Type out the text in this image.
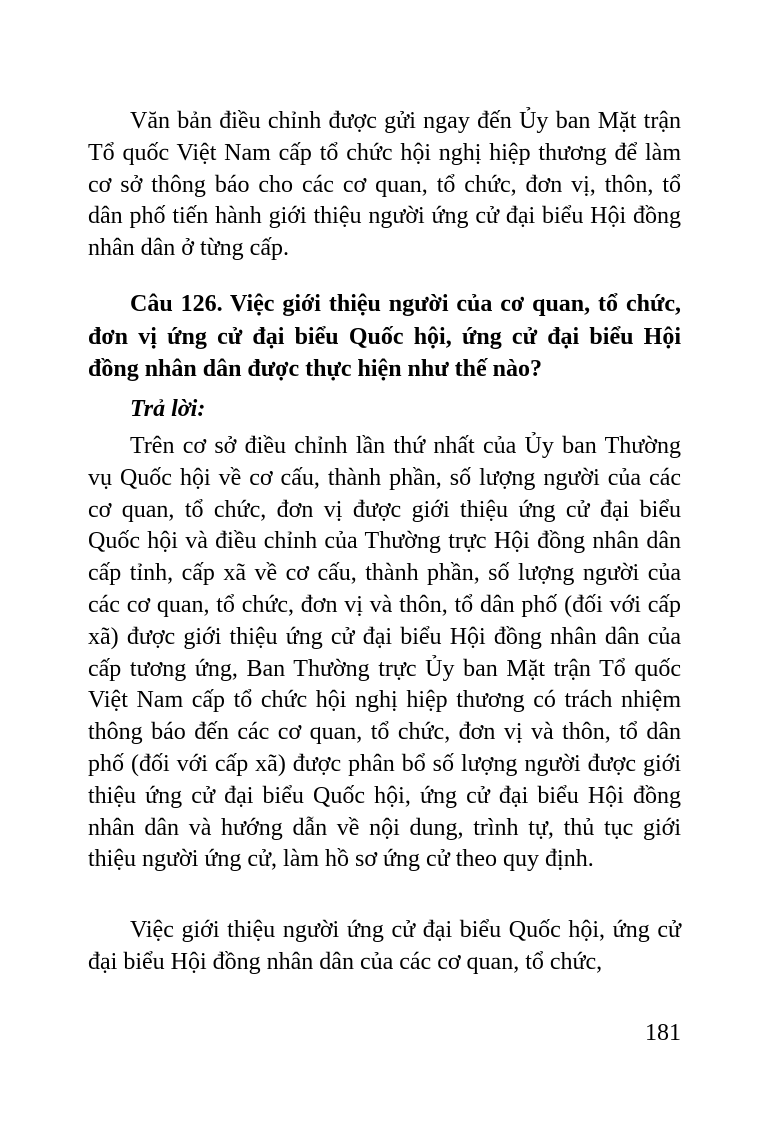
Văn bản điều chỉnh được gửi ngay đến Ủy ban Mặt trận Tổ quốc Việt Nam cấp tổ chức hội nghị hiệp thương để làm cơ sở thông báo cho các cơ quan, tổ chức, đơn vị, thôn, tổ dân phố tiến hành giới thiệu người ứng cử đại biểu Hội đồng nhân dân ở từng cấp.

Câu 126. Việc giới thiệu người của cơ quan, tổ chức, đơn vị ứng cử đại biểu Quốc hội, ứng cử đại biểu Hội đồng nhân dân được thực hiện như thế nào?

Trả lời:

Trên cơ sở điều chỉnh lần thứ nhất của Ủy ban Thường vụ Quốc hội về cơ cấu, thành phần, số lượng người của các cơ quan, tổ chức, đơn vị được giới thiệu ứng cử đại biểu Quốc hội và điều chỉnh của Thường trực Hội đồng nhân dân cấp tỉnh, cấp xã về cơ cấu, thành phần, số lượng người của các cơ quan, tổ chức, đơn vị và thôn, tổ dân phố (đối với cấp xã) được giới thiệu ứng cử đại biểu Hội đồng nhân dân của cấp tương ứng, Ban Thường trực Ủy ban Mặt trận Tổ quốc Việt Nam cấp tổ chức hội nghị hiệp thương có trách nhiệm thông báo đến các cơ quan, tổ chức, đơn vị và thôn, tổ dân phố (đối với cấp xã) được phân bổ số lượng người được giới thiệu ứng cử đại biểu Quốc hội, ứng cử đại biểu Hội đồng nhân dân và hướng dẫn về nội dung, trình tự, thủ tục giới thiệu người ứng cử, làm hồ sơ ứng cử theo quy định.

Việc giới thiệu người ứng cử đại biểu Quốc hội, ứng cử đại biểu Hội đồng nhân dân của các cơ quan, tổ chức,

181
